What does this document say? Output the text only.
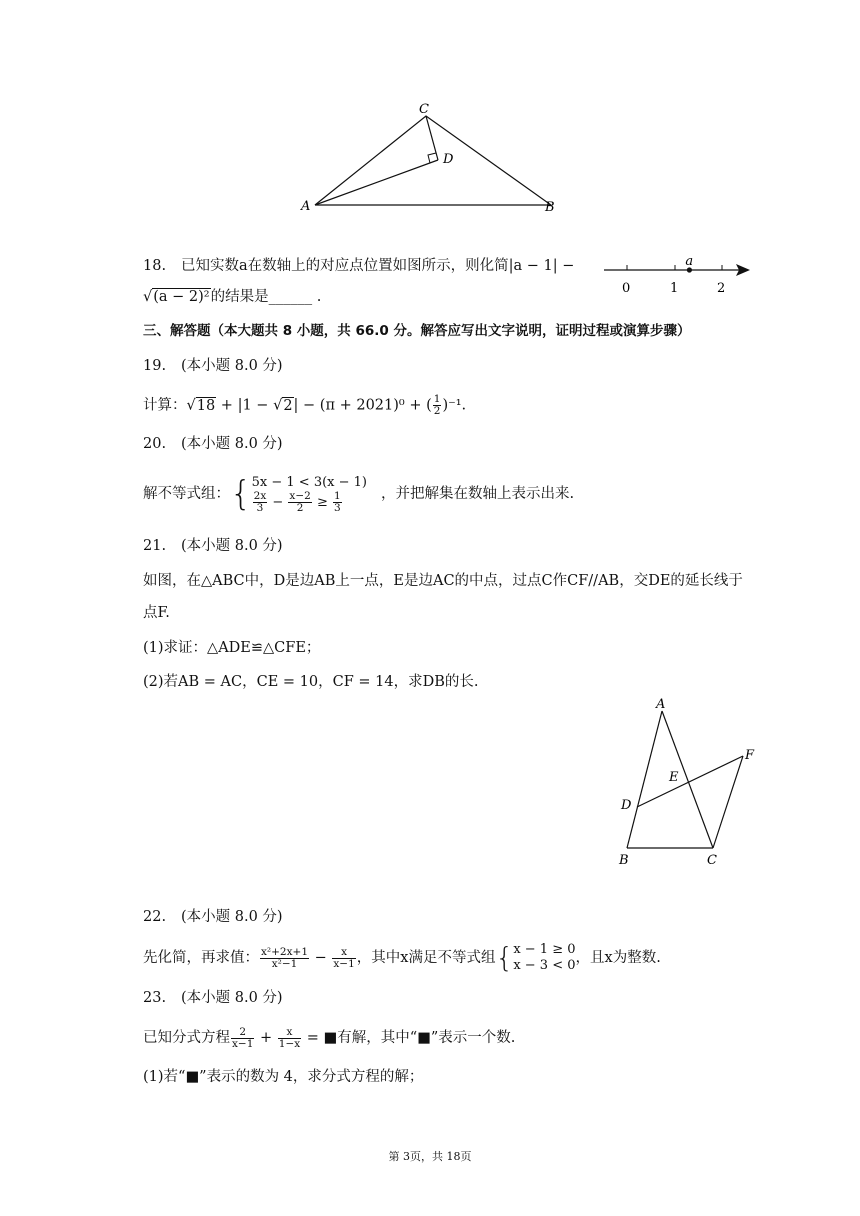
A	B
C
D
18. 已知实数a在数轴上的对应点位置如图所示，则化简|a − 1| −
√(a − 2)²的结果是______ .
a
0	1	2
三、解答题（本大题共 8 小题，共 66.0 分。解答应写出文字说明，证明过程或演算步骤）
19. (本小题 8.0 分)
计算：√18 + |1 − √2| − (π + 2021)⁰ + ( $\frac{1}{2} )^{-1}$.
20. (本小题 8.0 分)
解不等式组： { 5x − 1 < 3(x − 1)
$\frac{2x}{3} - \frac{x-2}{2} \ge \frac{1}{3}$	，并把解集在数轴上表示出来.
21. (本小题 8.0 分)
如图，在△ABC中，D是边AB上一点，E是边AC的中点，过点C作CF//AB，交DE的延长线于
点F.
(1)求证：△ADE≌△CFE；
(2)若AB = AC，CE = 10，CF = 14，求DB的长.
A
B	C
D
E
F
22. (本小题 8.0 分)
先化简，再求值： $\frac{\text{x²+2x+1}}{\text{x²−1}} - \frac{x}{x-1}$ ，其中x满足不等式组 { x − 1 ≥ 0
x − 3 < 0 ，且x为整数.
23. (本小题 8.0 分)
已知分式方程 $\frac{2}{x-1} + \frac{x}{1-x}$ = ■有解，其中“■”表示一个数.
(1)若“■”表示的数为 4，求分式方程的解；
第 3页，共 18页
